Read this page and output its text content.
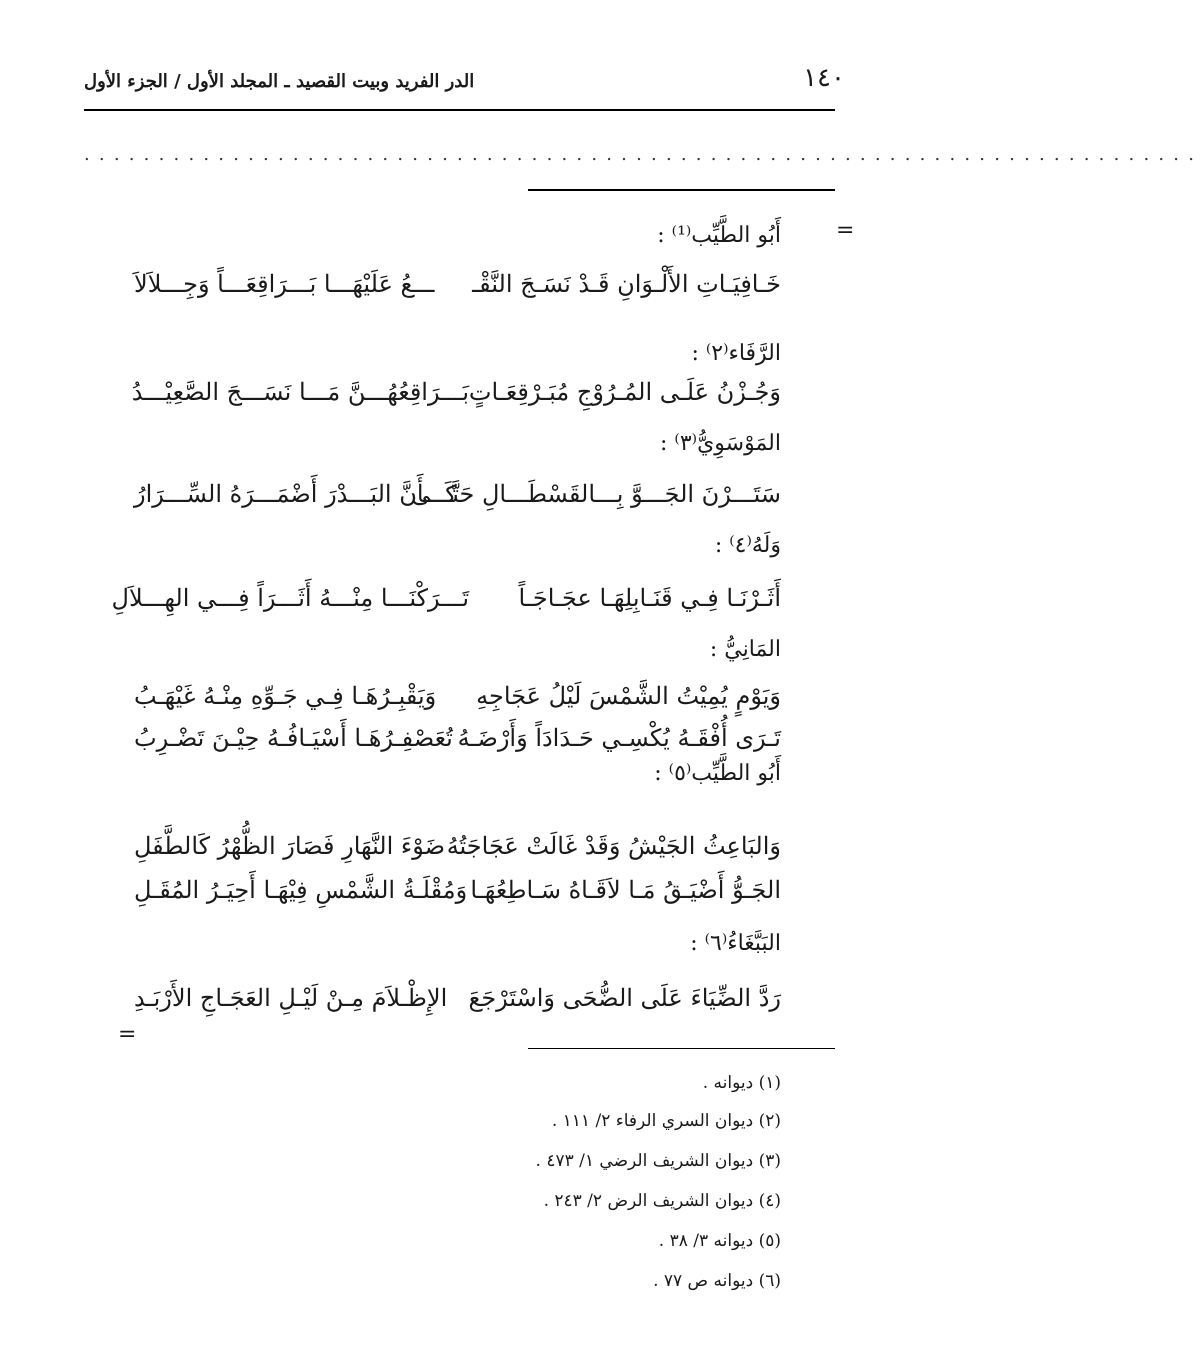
١٤٠
الدر الفريد وبيت القصيد ـ المجلد الأول / الجزء الأول
...........................................................................
=
أَبُو الطَّيِّب⁽¹⁾ :
خَـافِيَـاتِ الأَلْـوَانِ قَـدْ نَسَـجَ النَّقْـ
ـــعُ عَلَيْهَـــا بَـــرَاقِعَـــاً وَجِـــلاَلاَ
الرَّفَاء⁽٢⁾ :
وَجُـزْنُ عَلَـى المُـرُوْجِ مُبَـرْقِعَـاتٍ
بَـــرَاقِعُهُـــنَّ مَـــا نَسَـــجَ الصَّعِيْـــدُ
المَوْسَوِيُّ⁽٣⁾ :
سَتَـــرْنَ الجَـــوَّ بِـــالقَسْطَـــالِ حَتَّـــى
كَـــأَنَّ البَـــدْرَ أَضْمَـــرَهُ السِّـــرَارُ
وَلَهُ⁽٤⁾ :
أَثَـرْنَـا فِـي قَنَـابِلِهَـا عجَـاجَـاً
تَـــرَكْنَـــا مِنْـــهُ أَثَـــرَاً فِـــي الهِـــلاَلِ
المَانِيُّ :
وَيَوْمٍ يُمِيْتُ الشَّمْسَ لَيْلُ عَجَاجِهِ
وَيَقْبِـرُهَـا فِـي جَـوِّهِ مِنْـهُ غَيْهَـبُ
تَـرَى أُفْقَـهُ يُكْسِـي حَـدَادَاً وَأَرْضَـهُ
تُعَصْفِـرُهَـا أَسْيَـافُـهُ حِيْـنَ تَضْـرِبُ
أَبُو الطَّيِّب⁽٥⁾ :
وَالبَاعِثُ الجَيْشُ وَقَدْ غَالَتْ عَجَاجَتُهُ
ضَوْءَ النَّهَارِ فَصَارَ الظُّهْرُ كَالطَّفَلِ
الجَـوُّ أَضْيَـقُ مَـا لاَقَـاهُ سَـاطِعُهَـا
وَمُقْلَـةُ الشَّمْسِ فِيْهَـا أَحِيَـرُ المُقَـلِ
البَبَّغَاءُ⁽٦⁾ :
رَدَّ الضِّيَاءَ عَلَى الضُّحَى وَاسْتَرْجَعَ
الإِظْـلاَمَ مِـنْ لَيْـلِ العَجَـاجِ الأَرْبَـدِ
=
(١) ديوانه .
(٢) ديوان السري الرفاء ٢/ ١١١ .
(٣) ديوان الشريف الرضي ١/ ٤٧٣ .
(٤) ديوان الشريف الرض ٢/ ٢٤٣ .
(٥) ديوانه ٣/ ٣٨ .
(٦) ديوانه ص ٧٧ .
